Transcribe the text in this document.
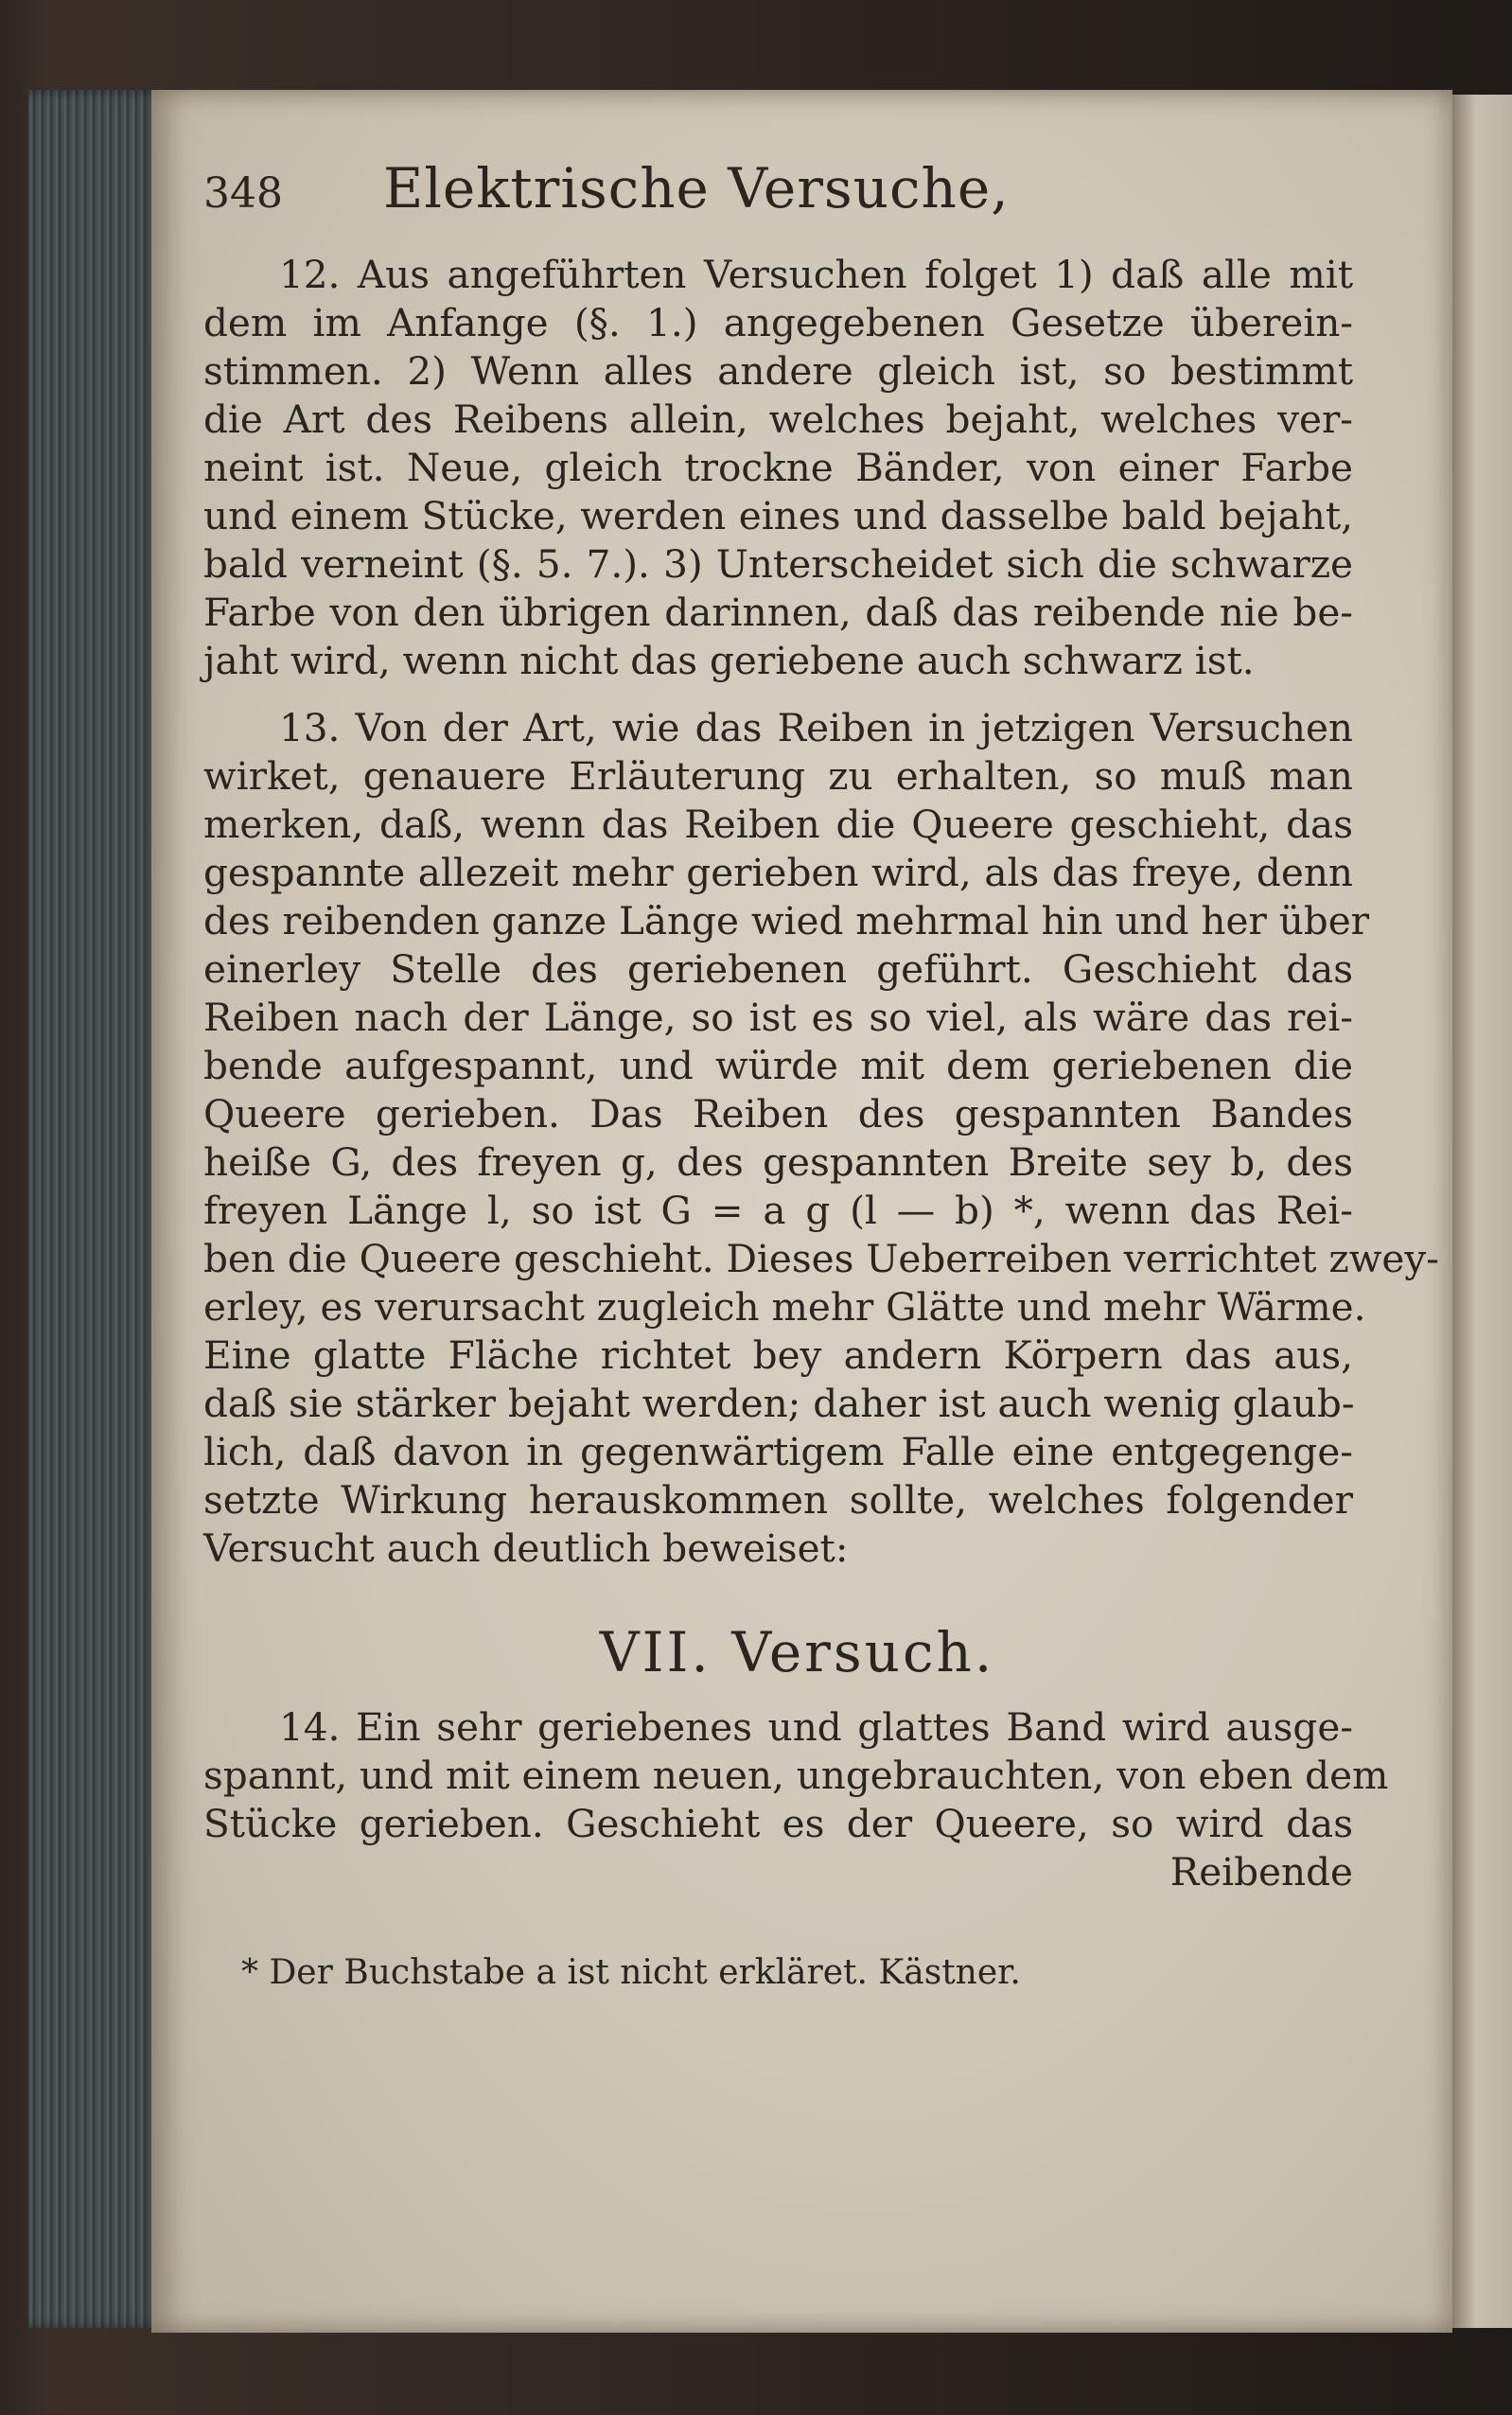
348	Elektrische Versuche,

12. Aus angeführten Versuchen folget 1) daß alle mit
dem im Anfange (§. 1.) angegebenen Gesetze überein-
stimmen. 2) Wenn alles andere gleich ist, so bestimmt
die Art des Reibens allein, welches bejaht, welches ver-
neint ist. Neue, gleich trockne Bänder, von einer Farbe
und einem Stücke, werden eines und dasselbe bald bejaht,
bald verneint (§. 5. 7.). 3) Unterscheidet sich die schwarze
Farbe von den übrigen darinnen, daß das reibende nie be-
jaht wird, wenn nicht das geriebene auch schwarz ist.

13. Von der Art, wie das Reiben in jetzigen Versuchen
wirket, genauere Erläuterung zu erhalten, so muß man
merken, daß, wenn das Reiben die Queere geschieht, das
gespannte allezeit mehr gerieben wird, als das freye, denn
des reibenden ganze Länge wied mehrmal hin und her über
einerley Stelle des geriebenen geführt. Geschieht das
Reiben nach der Länge, so ist es so viel, als wäre das rei-
bende aufgespannt, und würde mit dem geriebenen die
Queere gerieben. Das Reiben des gespannten Bandes
heiße G, des freyen g, des gespannten Breite sey b, des
freyen Länge l, so ist G = a g (l — b) *, wenn das Rei-
ben die Queere geschieht. Dieses Ueberreiben verrichtet zwey-
erley, es verursacht zugleich mehr Glätte und mehr Wärme.
Eine glatte Fläche richtet bey andern Körpern das aus,
daß sie stärker bejaht werden; daher ist auch wenig glaub-
lich, daß davon in gegenwärtigem Falle eine entgegenge-
setzte Wirkung herauskommen sollte, welches folgender
Versucht auch deutlich beweiset:

VII. Versuch.

14. Ein sehr geriebenes und glattes Band wird ausge-
spannt, und mit einem neuen, ungebrauchten, von eben dem
Stücke gerieben. Geschieht es der Queere, so wird das

Reibende
* Der Buchstabe a ist nicht erkläret. Kästner.
